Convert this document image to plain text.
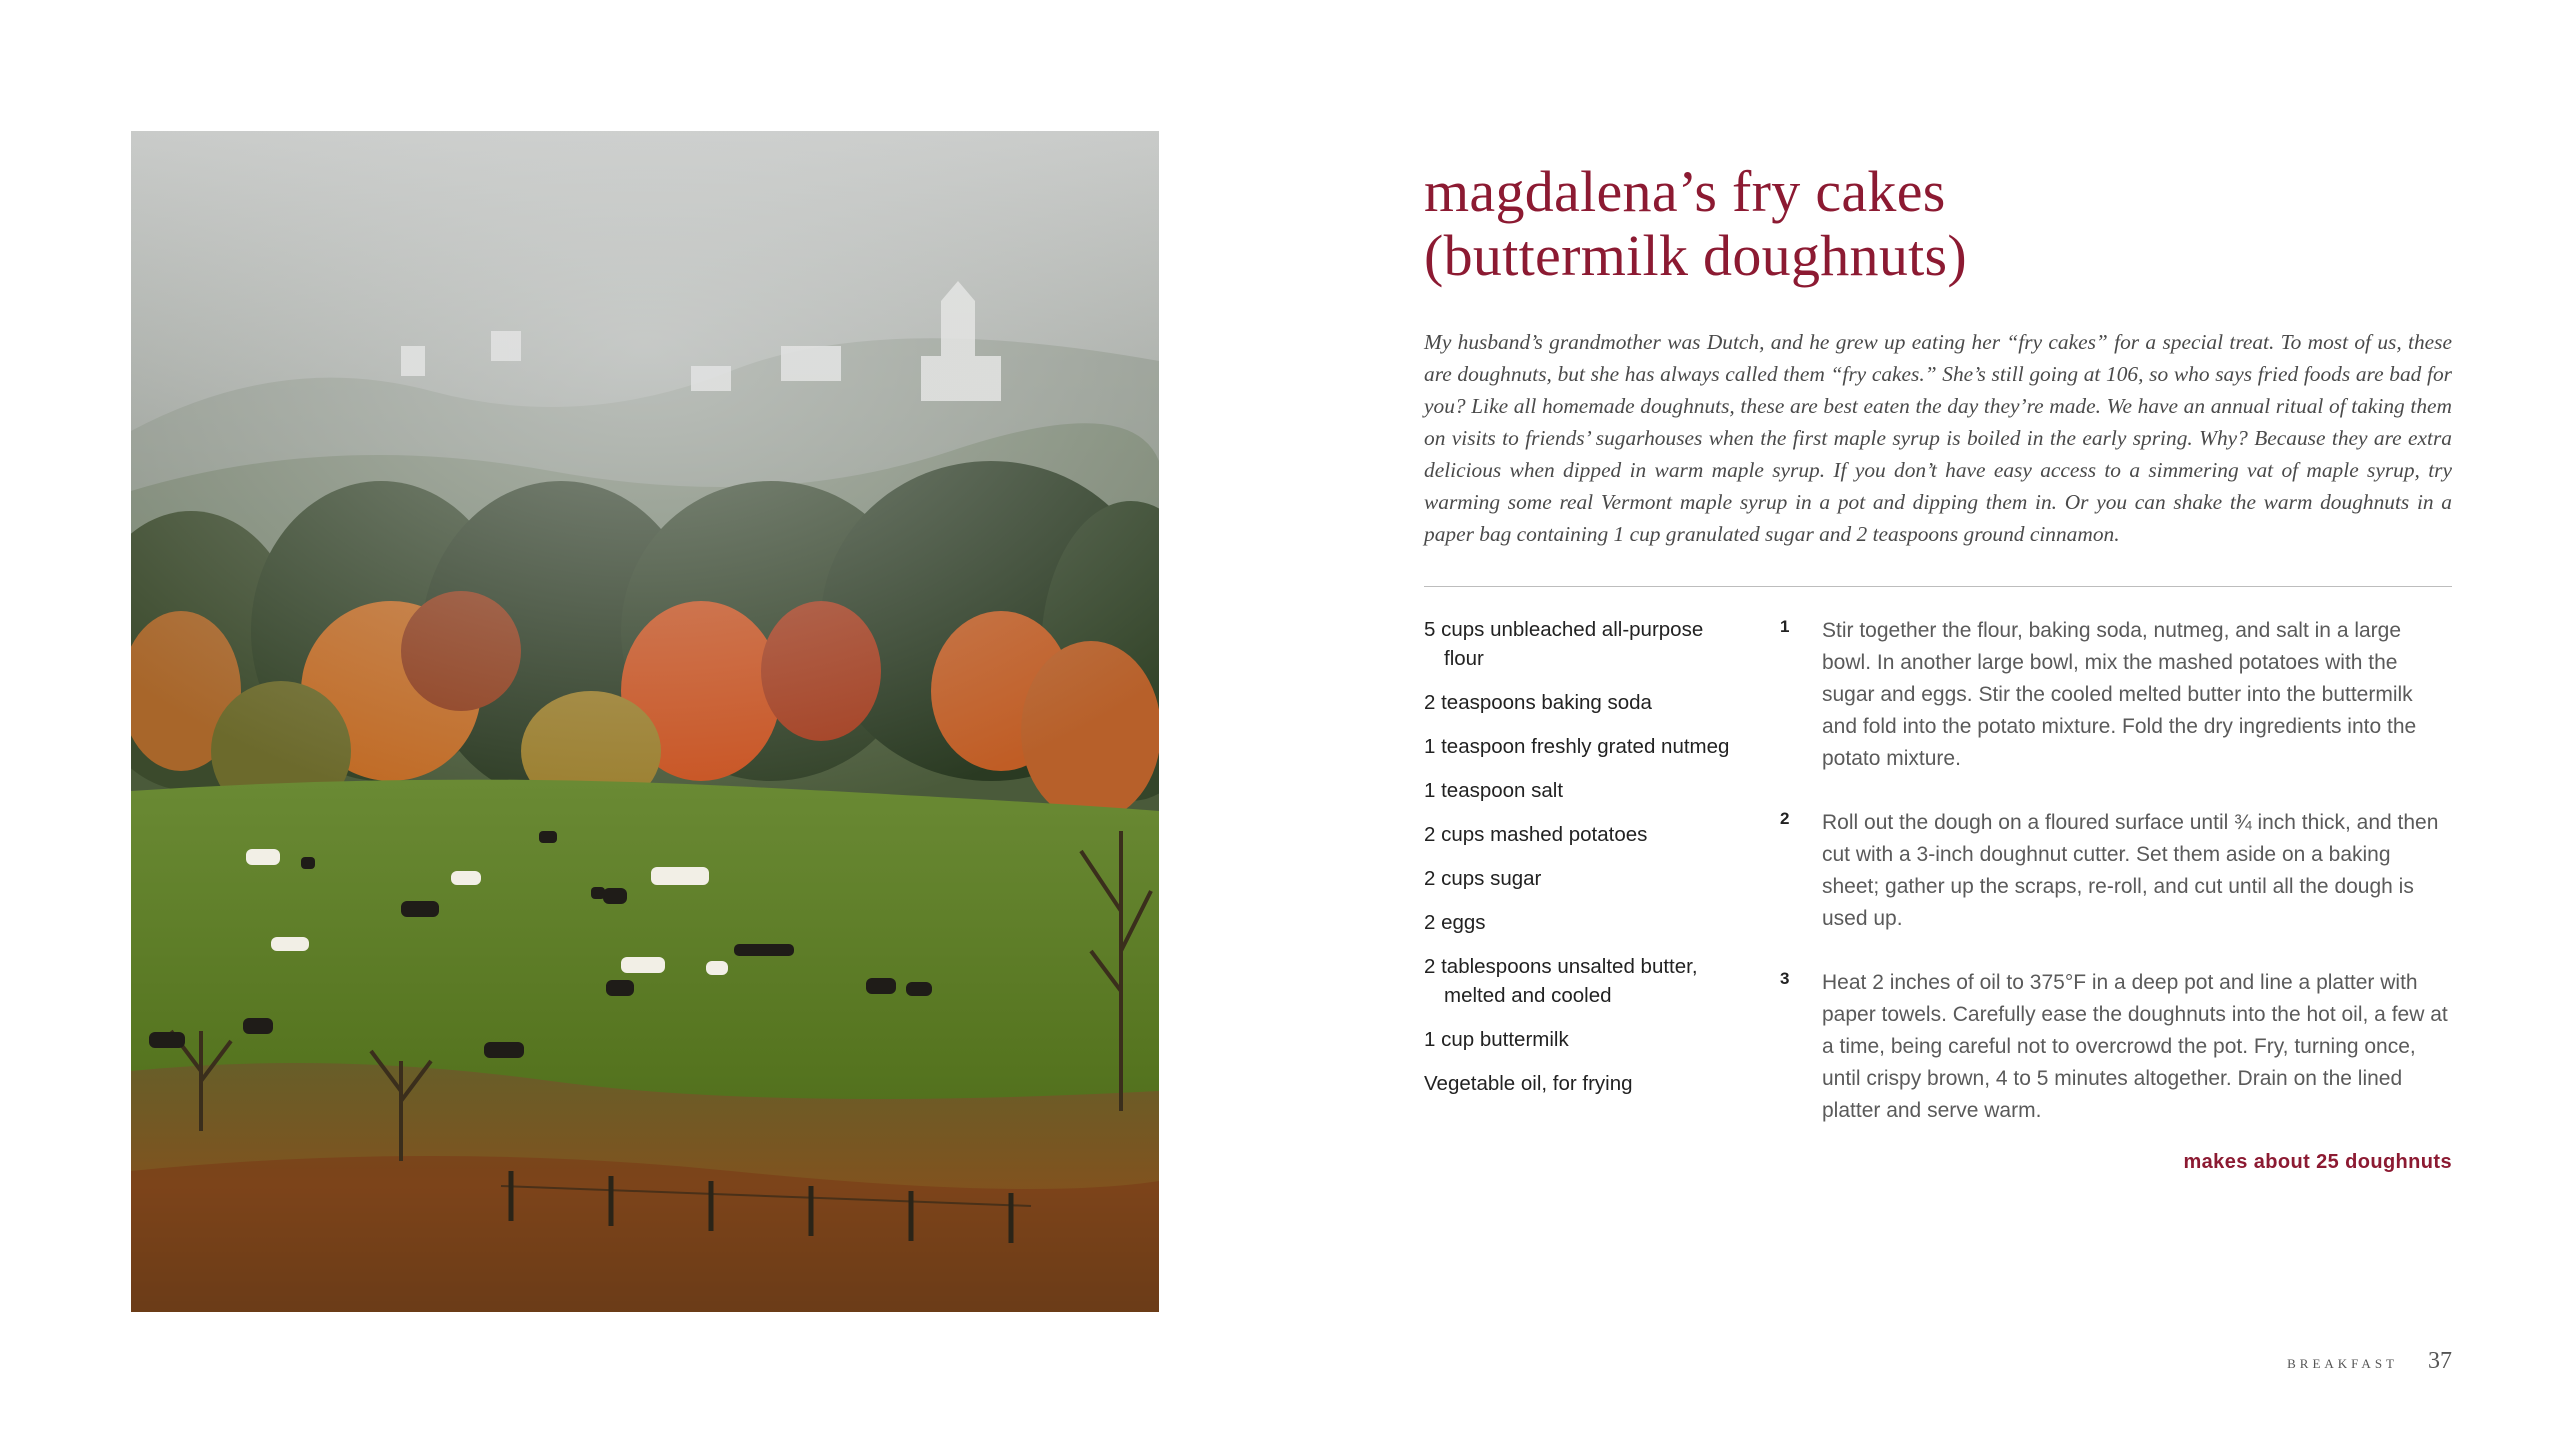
magdalena’s fry cakes
(buttermilk doughnuts)

My husband’s grandmother was Dutch, and he grew up eating her “fry cakes” for a special treat. To most of us, these are doughnuts, but she has always called them “fry cakes.” She’s still going at 106, so who says fried foods are bad for you? Like all homemade doughnuts, these are best eaten the day they’re made. We have an annual ritual of taking them on visits to friends’ sugarhouses when the first maple syrup is boiled in the early spring. Why? Because they are extra delicious when dipped in warm maple syrup. If you don’t have easy access to a simmering vat of maple syrup, try warming some real Vermont maple syrup in a pot and dipping them in. Or you can shake the warm doughnuts in a paper bag containing 1 cup granulated sugar and 2 teaspoons ground cinnamon.

5 cups unbleached all-purpose flour
2 teaspoons baking soda
1 teaspoon freshly grated nutmeg
1 teaspoon salt
2 cups mashed potatoes
2 cups sugar
2 eggs
2 tablespoons unsalted butter, melted and cooled
1 cup buttermilk
Vegetable oil, for frying
1 Stir together the flour, baking soda, nutmeg, and salt in a large bowl. In another large bowl, mix the mashed potatoes with the sugar and eggs. Stir the cooled melted butter into the buttermilk and fold into the potato mixture. Fold the dry ingredients into the potato mixture.
2 Roll out the dough on a floured surface until ¾ inch thick, and then cut with a 3-inch doughnut cutter. Set them aside on a baking sheet; gather up the scraps, re-roll, and cut until all the dough is used up.
3 Heat 2 inches of oil to 375°F in a deep pot and line a platter with paper towels. Carefully ease the doughnuts into the hot oil, a few at a time, being careful not to overcrowd the pot. Fry, turning once, until crispy brown, 4 to 5 minutes altogether. Drain on the lined platter and serve warm.
makes about 25 doughnuts
BREAKFAST 37
